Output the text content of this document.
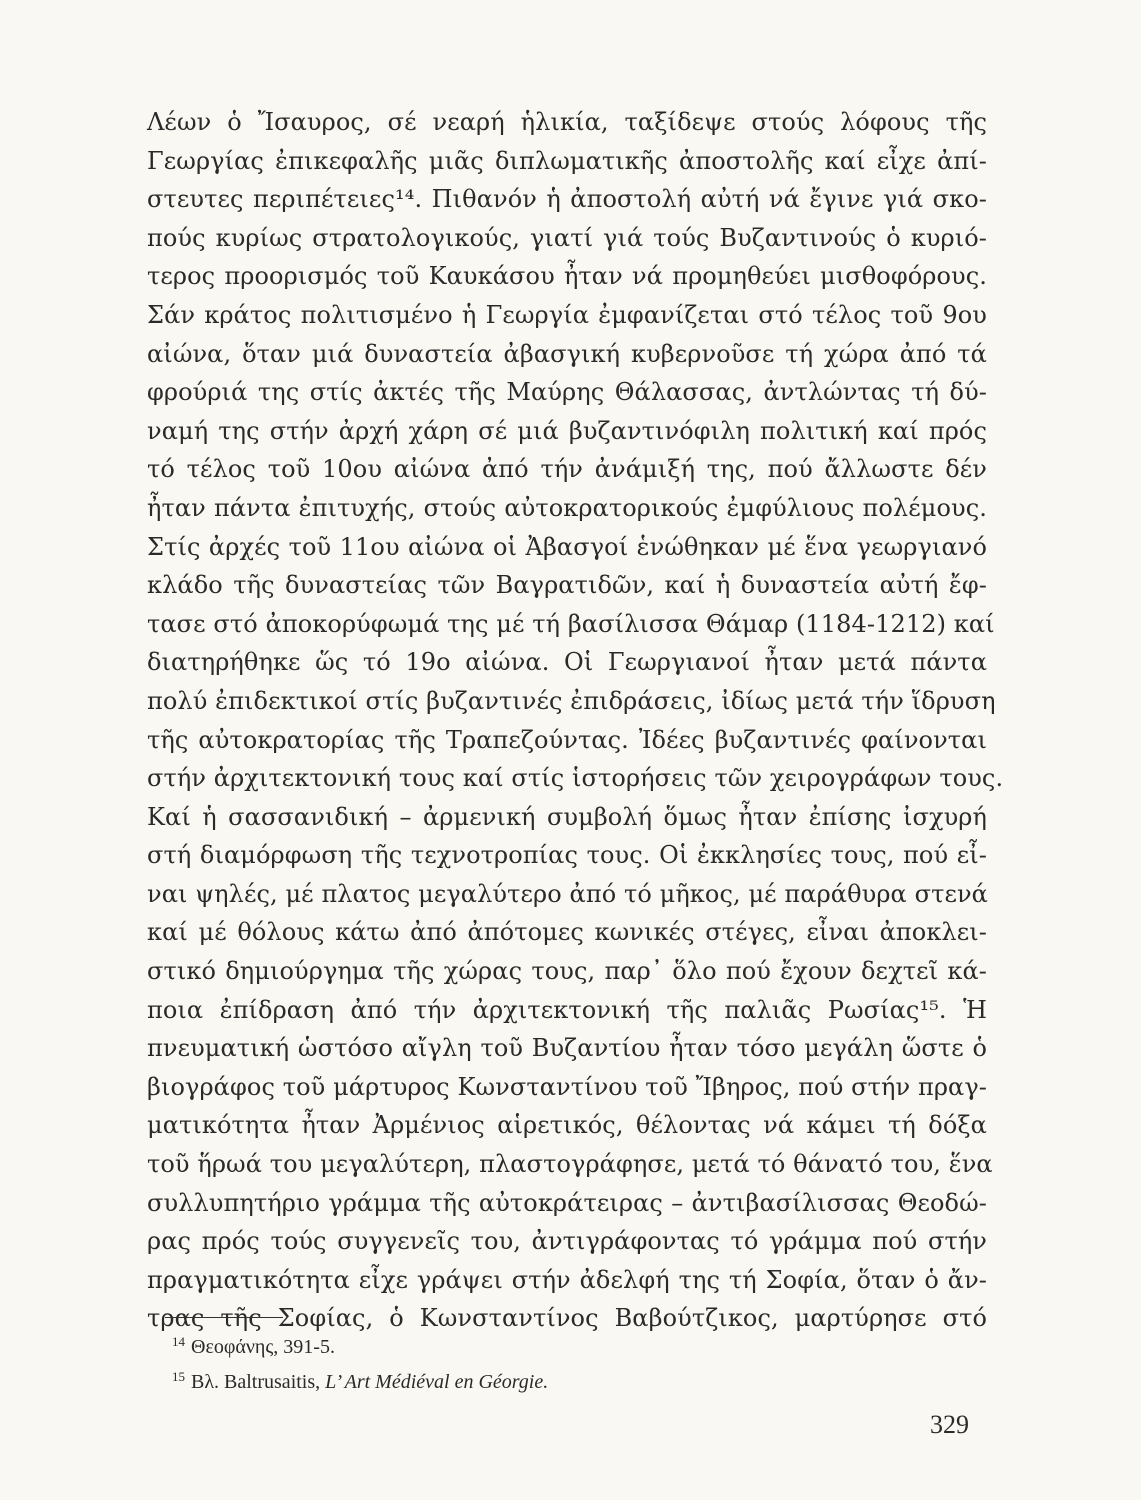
Λέων ὁ Ἴσαυρος, σέ νεαρή ἡλικία, ταξίδεψε στούς λόφους τῆς
Γεωργίας ἐπικεφαλῆς μιᾶς διπλωματικῆς ἀποστολῆς καί εἶχε ἀπί-
στευτες περιπέτειες¹⁴. Πιθανόν ἡ ἀποστολή αὐτή νά ἔγινε γιά σκο-
πούς κυρίως στρατολογικούς, γιατί γιά τούς Βυζαντινούς ὁ κυριό-
τερος προορισμός τοῦ Καυκάσου ἦταν νά προμηθεύει μισθοφόρους.
Σάν κράτος πολιτισμένο ἡ Γεωργία ἐμφανίζεται στό τέλος τοῦ 9ου
αἰώνα, ὅταν μιά δυναστεία ἀβασγική κυβερνοῦσε τή χώρα ἀπό τά
φρούριά της στίς ἀκτές τῆς Μαύρης Θάλασσας, ἀντλώντας τή δύ-
ναμή της στήν ἀρχή χάρη σέ μιά βυζαντινόφιλη πολιτική καί πρός
τό τέλος τοῦ 10ου αἰώνα ἀπό τήν ἀνάμιξή της, πού ἄλλωστε δέν
ἦταν πάντα ἐπιτυχής, στούς αὐτοκρατορικούς ἐμφύλιους πολέμους.
Στίς ἀρχές τοῦ 11ου αἰώνα οἱ Ἀβασγοί ἑνώθηκαν μέ ἕνα γεωργιανό
κλάδο τῆς δυναστείας τῶν Βαγρατιδῶν, καί ἡ δυναστεία αὐτή ἔφ-
τασε στό ἀποκορύφωμά της μέ τή βασίλισσα Θάμαρ (1184-1212) καί
διατηρήθηκε ὥς τό 19ο αἰώνα. Οἱ Γεωργιανοί ἦταν μετά πάντα
πολύ ἐπιδεκτικοί στίς βυζαντινές ἐπιδράσεις, ἰδίως μετά τήν ἵδρυση
τῆς αὐτοκρατορίας τῆς Τραπεζούντας. Ἰδέες βυζαντινές φαίνονται
στήν ἀρχιτεκτονική τους καί στίς ἱστορήσεις τῶν χειρογράφων τους.
Καί ἡ σασσανιδική – ἀρμενική συμβολή ὅμως ἦταν ἐπίσης ἰσχυρή
στή διαμόρφωση τῆς τεχνοτροπίας τους. Οἱ ἐκκλησίες τους, πού εἶ-
ναι ψηλές, μέ πλατος μεγαλύτερο ἀπό τό μῆκος, μέ παράθυρα στενά
καί μέ θόλους κάτω ἀπό ἀπότομες κωνικές στέγες, εἶναι ἀποκλει-
στικό δημιούργημα τῆς χώρας τους, παρ᾽ ὅλο πού ἔχουν δεχτεῖ κά-
ποια ἐπίδραση ἀπό τήν ἀρχιτεκτονική τῆς παλιᾶς Ρωσίας¹⁵. Ἡ
πνευματική ὡστόσο αἴγλη τοῦ Βυζαντίου ἦταν τόσο μεγάλη ὥστε ὁ
βιογράφος τοῦ μάρτυρος Κωνσταντίνου τοῦ Ἴβηρος, πού στήν πραγ-
ματικότητα ἦταν Ἀρμένιος αἱρετικός, θέλοντας νά κάμει τή δόξα
τοῦ ἥρωά του μεγαλύτερη, πλαστογράφησε, μετά τό θάνατό του, ἕνα
συλλυπητήριο γράμμα τῆς αὐτοκράτειρας – ἀντιβασίλισσας Θεοδώ-
ρας πρός τούς συγγενεῖς του, ἀντιγράφοντας τό γράμμα πού στήν
πραγματικότητα εἶχε γράψει στήν ἀδελφή της τή Σοφία, ὅταν ὁ ἄν-
τρας τῆς Σοφίας, ὁ Κωνσταντίνος Βαβούτζικος, μαρτύρησε στό
$^{14}$ Θεοφάνης, 391-5.
$^{15}$ Βλ. Baltrusaitis, L’ Art Médiéval en Géorgie.
329
